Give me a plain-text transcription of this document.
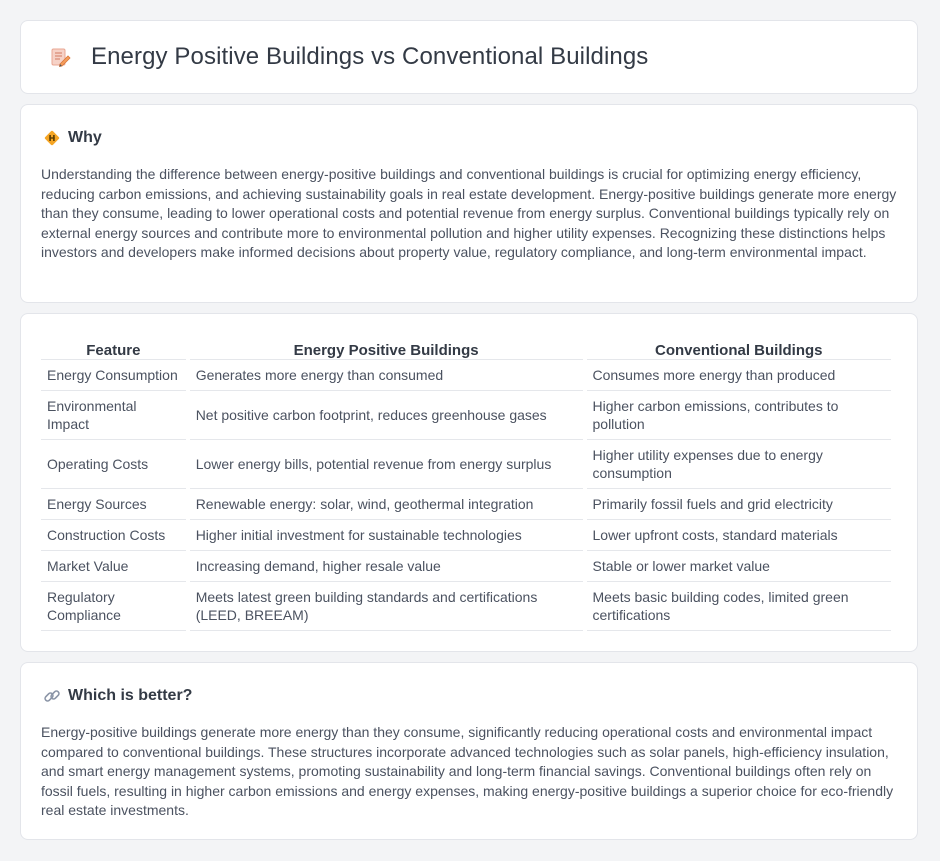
Energy Positive Buildings vs Conventional Buildings
Why

Understanding the difference between energy-positive buildings and conventional buildings is crucial for optimizing energy efficiency, reducing carbon emissions, and achieving sustainability goals in real estate development. Energy-positive buildings generate more energy than they consume, leading to lower operational costs and potential revenue from energy surplus. Conventional buildings typically rely on external energy sources and contribute more to environmental pollution and higher utility expenses. Recognizing these distinctions helps investors and developers make informed decisions about property value, regulatory compliance, and long-term environmental impact.

Feature	Energy Positive Buildings	Conventional Buildings
Energy Consumption	Generates more energy than consumed	Consumes more energy than produced
Environmental Impact	Net positive carbon footprint, reduces greenhouse gases	Higher carbon emissions, contributes to pollution
Operating Costs	Lower energy bills, potential revenue from energy surplus	Higher utility expenses due to energy consumption
Energy Sources	Renewable energy: solar, wind, geothermal integration	Primarily fossil fuels and grid electricity
Construction Costs	Higher initial investment for sustainable technologies	Lower upfront costs, standard materials
Market Value	Increasing demand, higher resale value	Stable or lower market value
Regulatory Compliance	Meets latest green building standards and certifications (LEED, BREEAM)	Meets basic building codes, limited green certifications
Which is better?

Energy-positive buildings generate more energy than they consume, significantly reducing operational costs and environmental impact compared to conventional buildings. These structures incorporate advanced technologies such as solar panels, high-efficiency insulation, and smart energy management systems, promoting sustainability and long-term financial savings. Conventional buildings often rely on fossil fuels, resulting in higher carbon emissions and energy expenses, making energy-positive buildings a superior choice for eco-friendly real estate investments.
